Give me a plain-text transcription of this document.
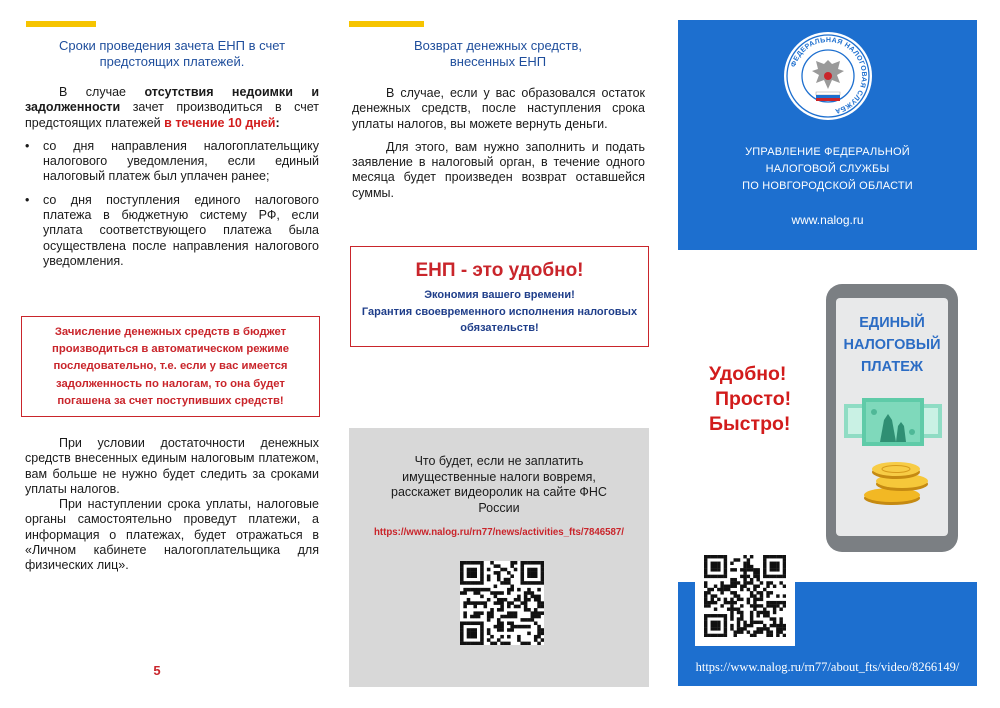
Сроки проведения зачета ЕНП в счет предстоящих платежей.

В случае отсутствия недоимки и задолженности зачет производиться в счет предстоящих платежей в течение 10 дней:

• со дня направления налогоплательщику налогового уведомления, если единый налоговый платеж был уплачен ранее;
• со дня поступления единого налогового платежа в бюджетную систему РФ, если уплата соответствующего платежа была осуществлена после направления налогового уведомления.
Зачисление денежных средств в бюджет производиться в автоматическом режиме последовательно, т.е. если у вас имеется задолженность по налогам, то она будет погашена за счет поступивших средств!

При условии достаточности денежных средств внесенных единым налоговым платежом, вам больше не нужно будет следить за сроками уплаты налогов.

При наступлении срока уплаты, налоговые органы самостоятельно проведут платежи, а информация о платежах, будет отражаться в «Личном кабинете налогоплательщика для физических лиц».

5
Возврат денежных средств, внесенных ЕНП

В случае, если у вас образовался остаток денежных средств, после наступления срока уплаты налогов, вы можете вернуть деньги.

Для этого, вам нужно заполнить и подать заявление в налоговый орган, в течение одного месяца будет произведен возврат оставшейся суммы.

ЕНП - это удобно!
Экономия вашего времени!
Гарантия своевременного исполнения налоговых обязательств!
Что будет, если не заплатить имущественные налоги вовремя, расскажет видеоролик на сайте ФНС России
https://www.nalog.ru/rn77/news/activities_fts/7846587/
ФЕДЕРАЛЬНАЯ НАЛОГОВАЯ СЛУЖБА
УПРАВЛЕНИЕ ФЕДЕРАЛЬНОЙ
НАЛОГОВОЙ СЛУЖБЫ
ПО НОВГОРОДСКОЙ ОБЛАСТИ
www.nalog.ru
Удобно!
Просто!
Быстро!
ЕДИНЫЙ
НАЛОГОВЫЙ
ПЛАТЕЖ
https://www.nalog.ru/rn77/about_fts/video/8266149/
